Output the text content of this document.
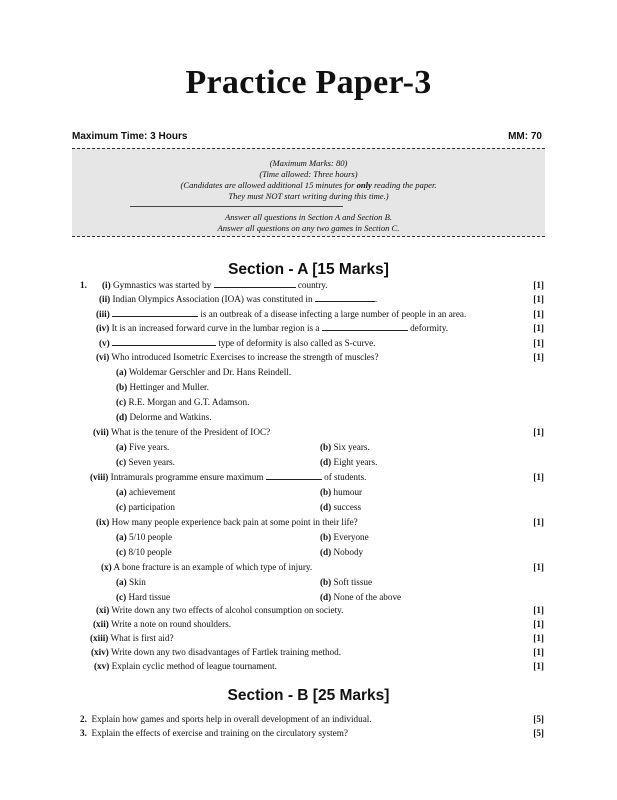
Practice Paper-3
Maximum Time: 3 Hours	MM: 70
(Maximum Marks: 80)
(Time allowed: Three hours)
(Candidates are allowed additional 15 minutes for only reading the paper.
They must NOT start writing during this time.)
Answer all questions in Section A and Section B.
Answer all questions on any two games in Section C.
Section - A [15 Marks]
1. (i) Gymnastics was started by	country.	[1]
(ii) Indian Olympics Association (IOA) was constituted in	.	[1]
(iii)	is an outbreak of a disease infecting a large number of people in an area.	[1]
(iv) It is an increased forward curve in the lumbar region is a	deformity.	[1]
(v)	type of deformity is also called as S-curve.	[1]
(vi) Who introduced Isometric Exercises to increase the strength of muscles?	[1]
(a) Woldemar Gerschler and Dr. Hans Reindell.
(b) Hettinger and Muller.
(c) R.E. Morgan and G.T. Adamson.
(d) Delorme and Watkins.
(vii) What is the tenure of the President of IOC?	[1]
(a) Five years.	(b) Six years.
(c) Seven years.	(d) Eight years.
(viii) Intramurals programme ensure maximum	of students.	[1]
(a) achievement	(b) humour
(c) participation	(d) success
(ix) How many people experience back pain at some point in their life?	[1]
(a) 5/10 people	(b) Everyone
(c) 8/10 people	(d) Nobody
(x) A bone fracture is an example of which type of injury.	[1]
(a) Skin	(b) Soft tissue
(c) Hard tissue	(d) None of the above
(xi) Write down any two effects of alcohol consumption on society.	[1]
(xii) Write a note on round shoulders.	[1]
(xiii) What is first aid?	[1]
(xiv) Write down any two disadvantages of Fartlek training method.	[1]
(xv) Explain cyclic method of league tournament.	[1]
Section - B [25 Marks]
2. Explain how games and sports help in overall development of an individual.	[5]
3. Explain the effects of exercise and training on the circulatory system?	[5]
